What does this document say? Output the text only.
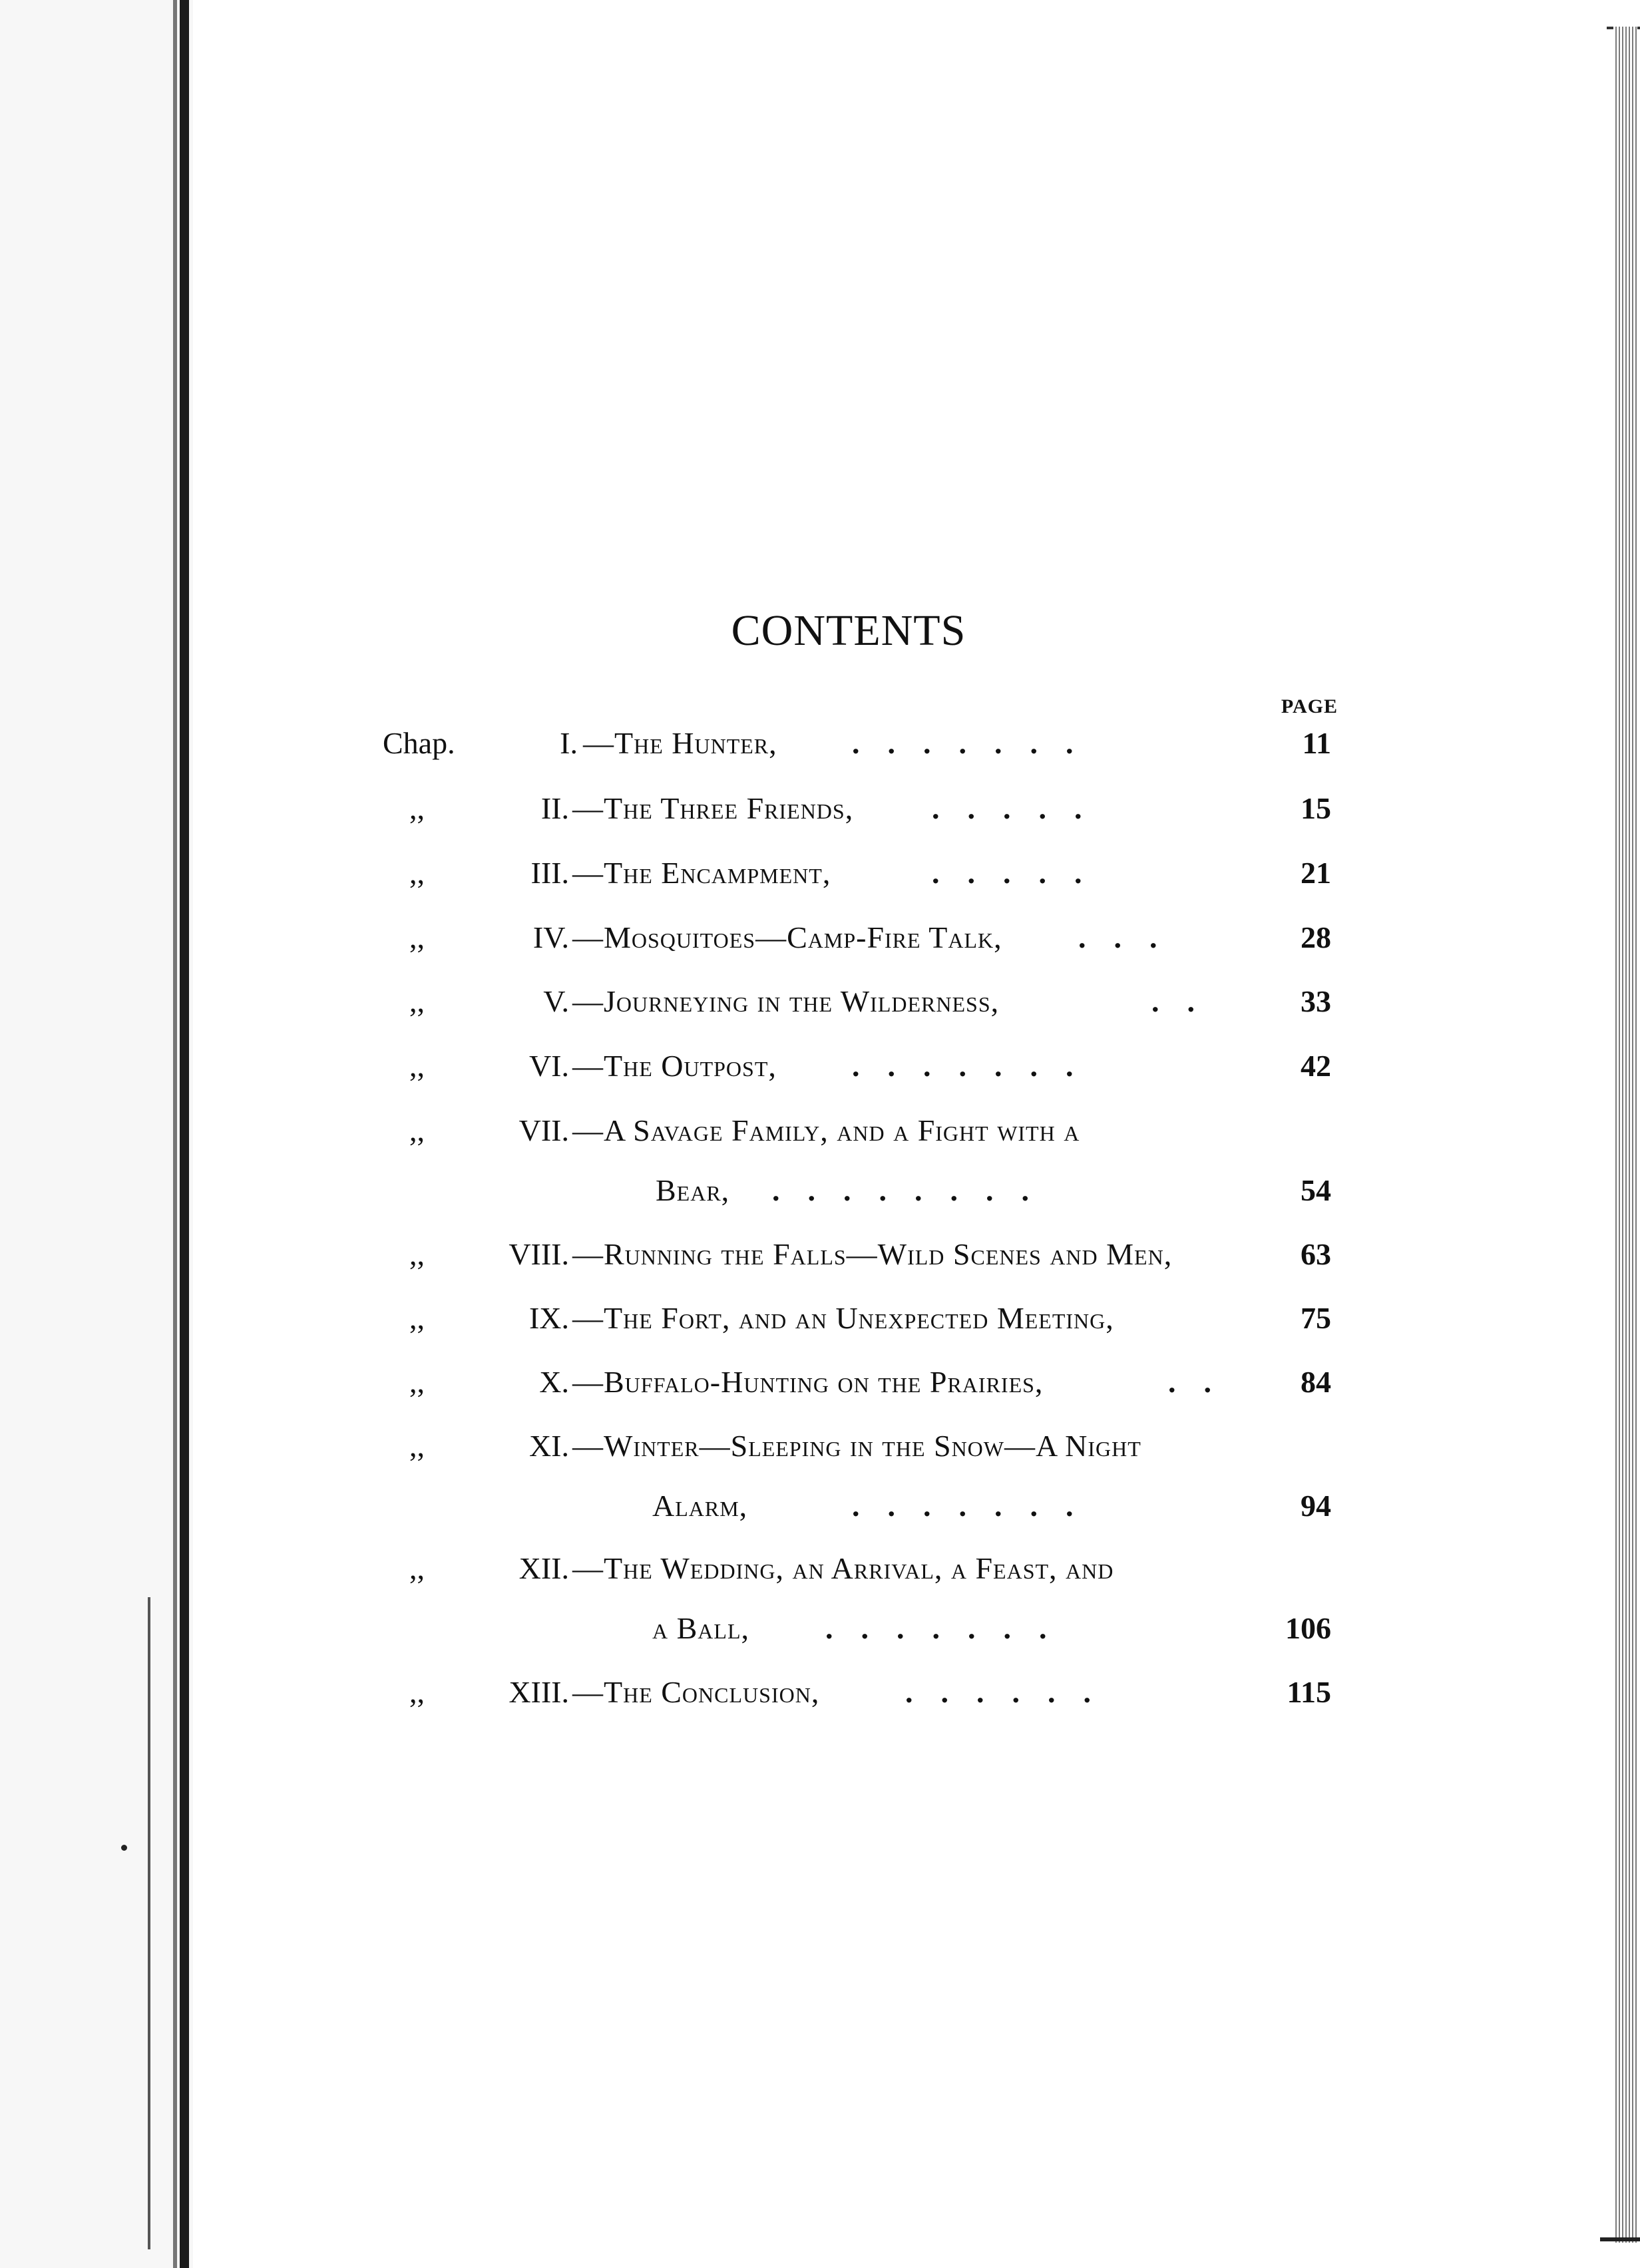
CONTENTS
PAGE
Chap.	I. —The Hunter, .......	11
,,	II. —The Three Friends,	.....	15
,,	III. —The Encampment,	.....	21
,,	IV. —Mosquitoes—Camp-Fire Talk, ...	28
,,	V. —Journeying in the Wilderness,	..	33
,,	VI. —The Outpost, .......	42
,,	VII. —A Savage Family, and a Fight with a
Bear, ........	54
,,	VIII. —Running the Falls—Wild Scenes and Men,	63
,,	IX. —The Fort, and an Unexpected Meeting,	75
,,	X. —Buffalo-Hunting on the Prairies,	.. 84
,,	XI. —Winter—Sleeping in the Snow—A Night
Alarm,	.......	94
,,	XII. —The Wedding, an Arrival, a Feast, and
a Ball, .......	106
,,	XIII. —The Conclusion,	......	115
